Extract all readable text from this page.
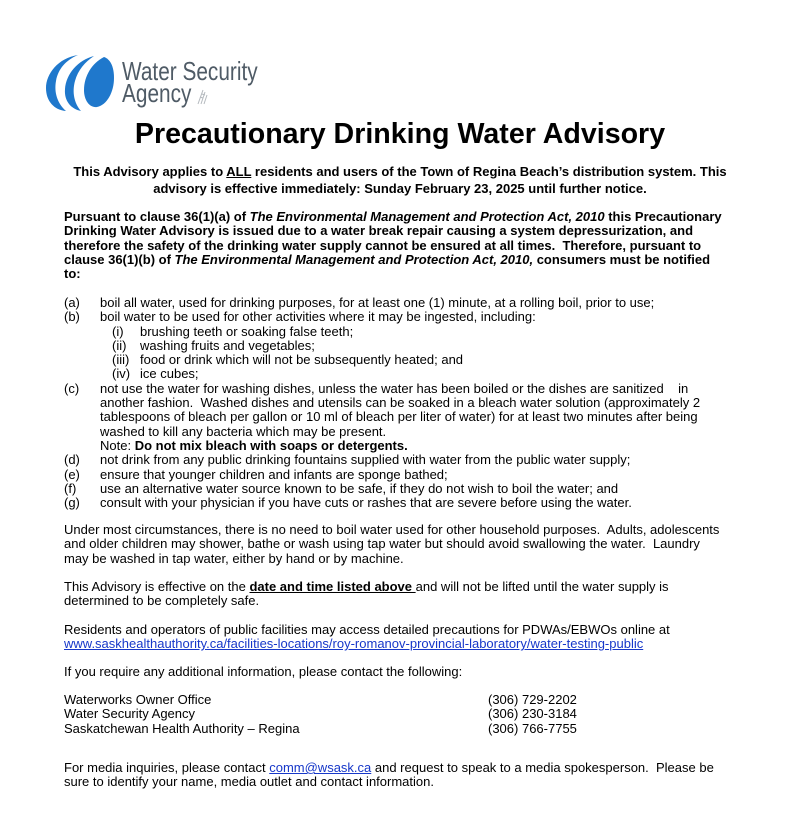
Water Security
Agency
Precautionary Drinking Water Advisory
This Advisory applies to ALL residents and users of the Town of Regina Beach’s distribution system. This
advisory is effective immediately: Sunday February 23, 2025 until further notice.
Pursuant to clause 36(1)(a) of The Environmental Management and Protection Act, 2010 this Precautionary
Drinking Water Advisory is issued due to a water break repair causing a system depressurization, and
therefore the safety of the drinking water supply cannot be ensured at all times.  Therefore, pursuant to
clause 36(1)(b) of The Environmental Management and Protection Act, 2010, consumers must be notified
to:
(a)	boil all water, used for drinking purposes, for at least one (1) minute, at a rolling boil, prior to use;
(b)	boil water to be used for other activities where it may be ingested, including:
(i)	brushing teeth or soaking false teeth;
(ii)	washing fruits and vegetables;
(iii) food or drink which will not be subsequently heated; and
(iv) ice cubes;
(c)	not use the water for washing dishes, unless the water has been boiled or the dishes are sanitized    in
another fashion.  Washed dishes and utensils can be soaked in a bleach water solution (approximately 2
tablespoons of bleach per gallon or 10 ml of bleach per liter of water) for at least two minutes after being
washed to kill any bacteria which may be present.
Note: Do not mix bleach with soaps or detergents.
(d)	not drink from any public drinking fountains supplied with water from the public water supply;
(e)	ensure that younger children and infants are sponge bathed;
(f)	use an alternative water source known to be safe, if they do not wish to boil the water; and
(g)	consult with your physician if you have cuts or rashes that are severe before using the water.
Under most circumstances, there is no need to boil water used for other household purposes.  Adults, adolescents
and older children may shower, bathe or wash using tap water but should avoid swallowing the water.  Laundry
may be washed in tap water, either by hand or by machine.
This Advisory is effective on the date and time listed above and will not be lifted until the water supply is
determined to be completely safe.
Residents and operators of public facilities may access detailed precautions for PDWAs/EBWOs online at
www.saskhealthauthority.ca/facilities-locations/roy-romanov-provincial-laboratory/water-testing-public
If you require any additional information, please contact the following:
Waterworks Owner Office	(306) 729-2202
Water Security Agency	(306) 230-3184
Saskatchewan Health Authority – Regina	(306) 766-7755
For media inquiries, please contact comm@wsask.ca and request to speak to a media spokesperson.  Please be
sure to identify your name, media outlet and contact information.
